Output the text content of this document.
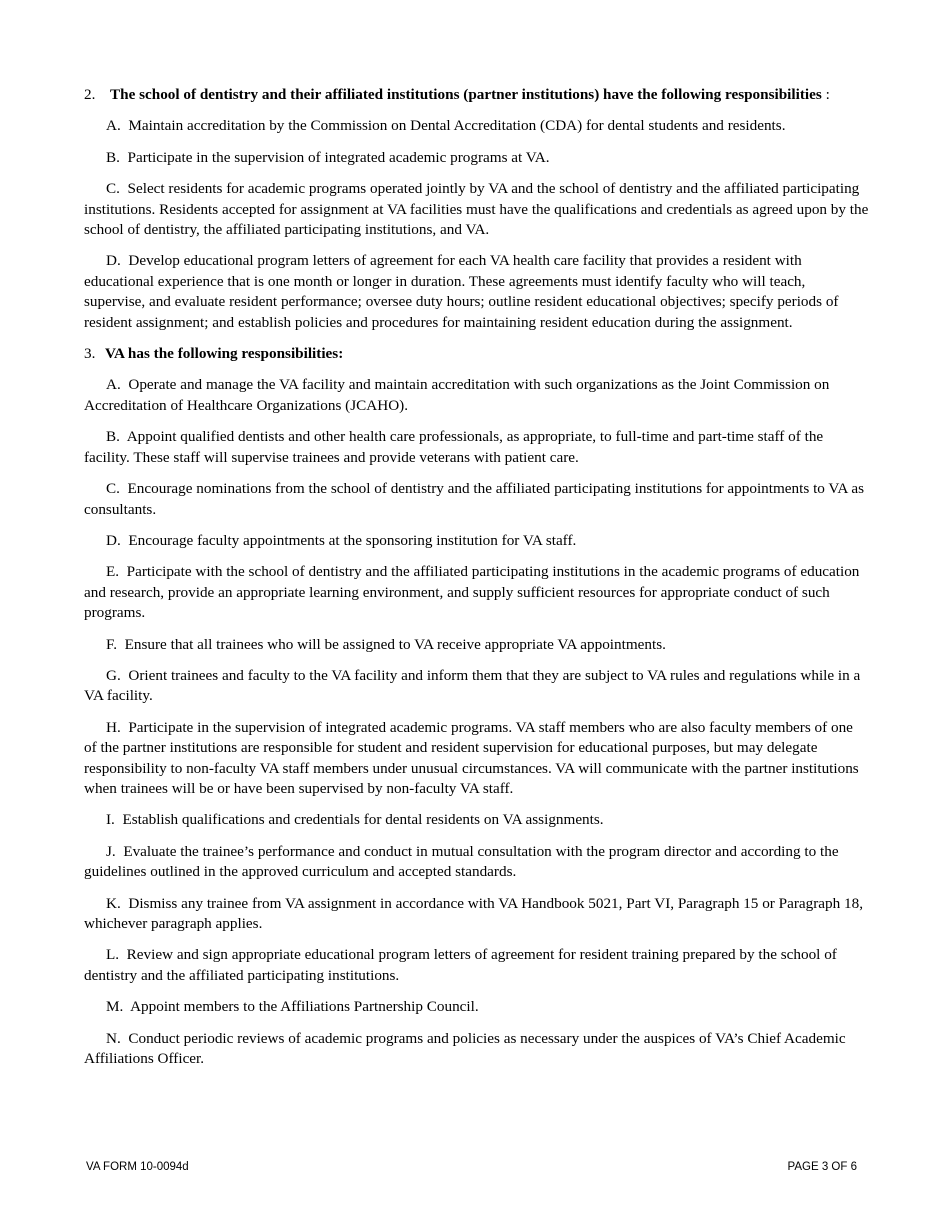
2. The school of dentistry and their affiliated institutions (partner institutions) have the following responsibilities :

A. Maintain accreditation by the Commission on Dental Accreditation (CDA) for dental students and residents.

B. Participate in the supervision of integrated academic programs at VA.

C. Select residents for academic programs operated jointly by VA and the school of dentistry and the affiliated participating institutions. Residents accepted for assignment at VA facilities must have the qualifications and credentials as agreed upon by the school of dentistry, the affiliated participating institutions, and VA.

D. Develop educational program letters of agreement for each VA health care facility that provides a resident with educational experience that is one month or longer in duration. These agreements must identify faculty who will teach, supervise, and evaluate resident performance; oversee duty hours; outline resident educational objectives; specify periods of resident assignment; and establish policies and procedures for maintaining resident education during the assignment.

3. VA has the following responsibilities:

A. Operate and manage the VA facility and maintain accreditation with such organizations as the Joint Commission on Accreditation of Healthcare Organizations (JCAHO).

B. Appoint qualified dentists and other health care professionals, as appropriate, to full-time and part-time staff of the facility. These staff will supervise trainees and provide veterans with patient care.

C. Encourage nominations from the school of dentistry and the affiliated participating institutions for appointments to VA as consultants.

D. Encourage faculty appointments at the sponsoring institution for VA staff.

E. Participate with the school of dentistry and the affiliated participating institutions in the academic programs of education and research, provide an appropriate learning environment, and supply sufficient resources for appropriate conduct of such programs.

F. Ensure that all trainees who will be assigned to VA receive appropriate VA appointments.

G. Orient trainees and faculty to the VA facility and inform them that they are subject to VA rules and regulations while in a VA facility.

H. Participate in the supervision of integrated academic programs. VA staff members who are also faculty members of one of the partner institutions are responsible for student and resident supervision for educational purposes, but may delegate responsibility to non-faculty VA staff members under unusual circumstances. VA will communicate with the partner institutions when trainees will be or have been supervised by non-faculty VA staff.

I. Establish qualifications and credentials for dental residents on VA assignments.

J. Evaluate the trainee’s performance and conduct in mutual consultation with the program director and according to the guidelines outlined in the approved curriculum and accepted standards.

K. Dismiss any trainee from VA assignment in accordance with VA Handbook 5021, Part VI, Paragraph 15 or Paragraph 18, whichever paragraph applies.

L. Review and sign appropriate educational program letters of agreement for resident training prepared by the school of dentistry and the affiliated participating institutions.

M. Appoint members to the Affiliations Partnership Council.

N. Conduct periodic reviews of academic programs and policies as necessary under the auspices of VA’s Chief Academic Affiliations Officer.

VA FORM 10-0094d	PAGE 3 OF 6
